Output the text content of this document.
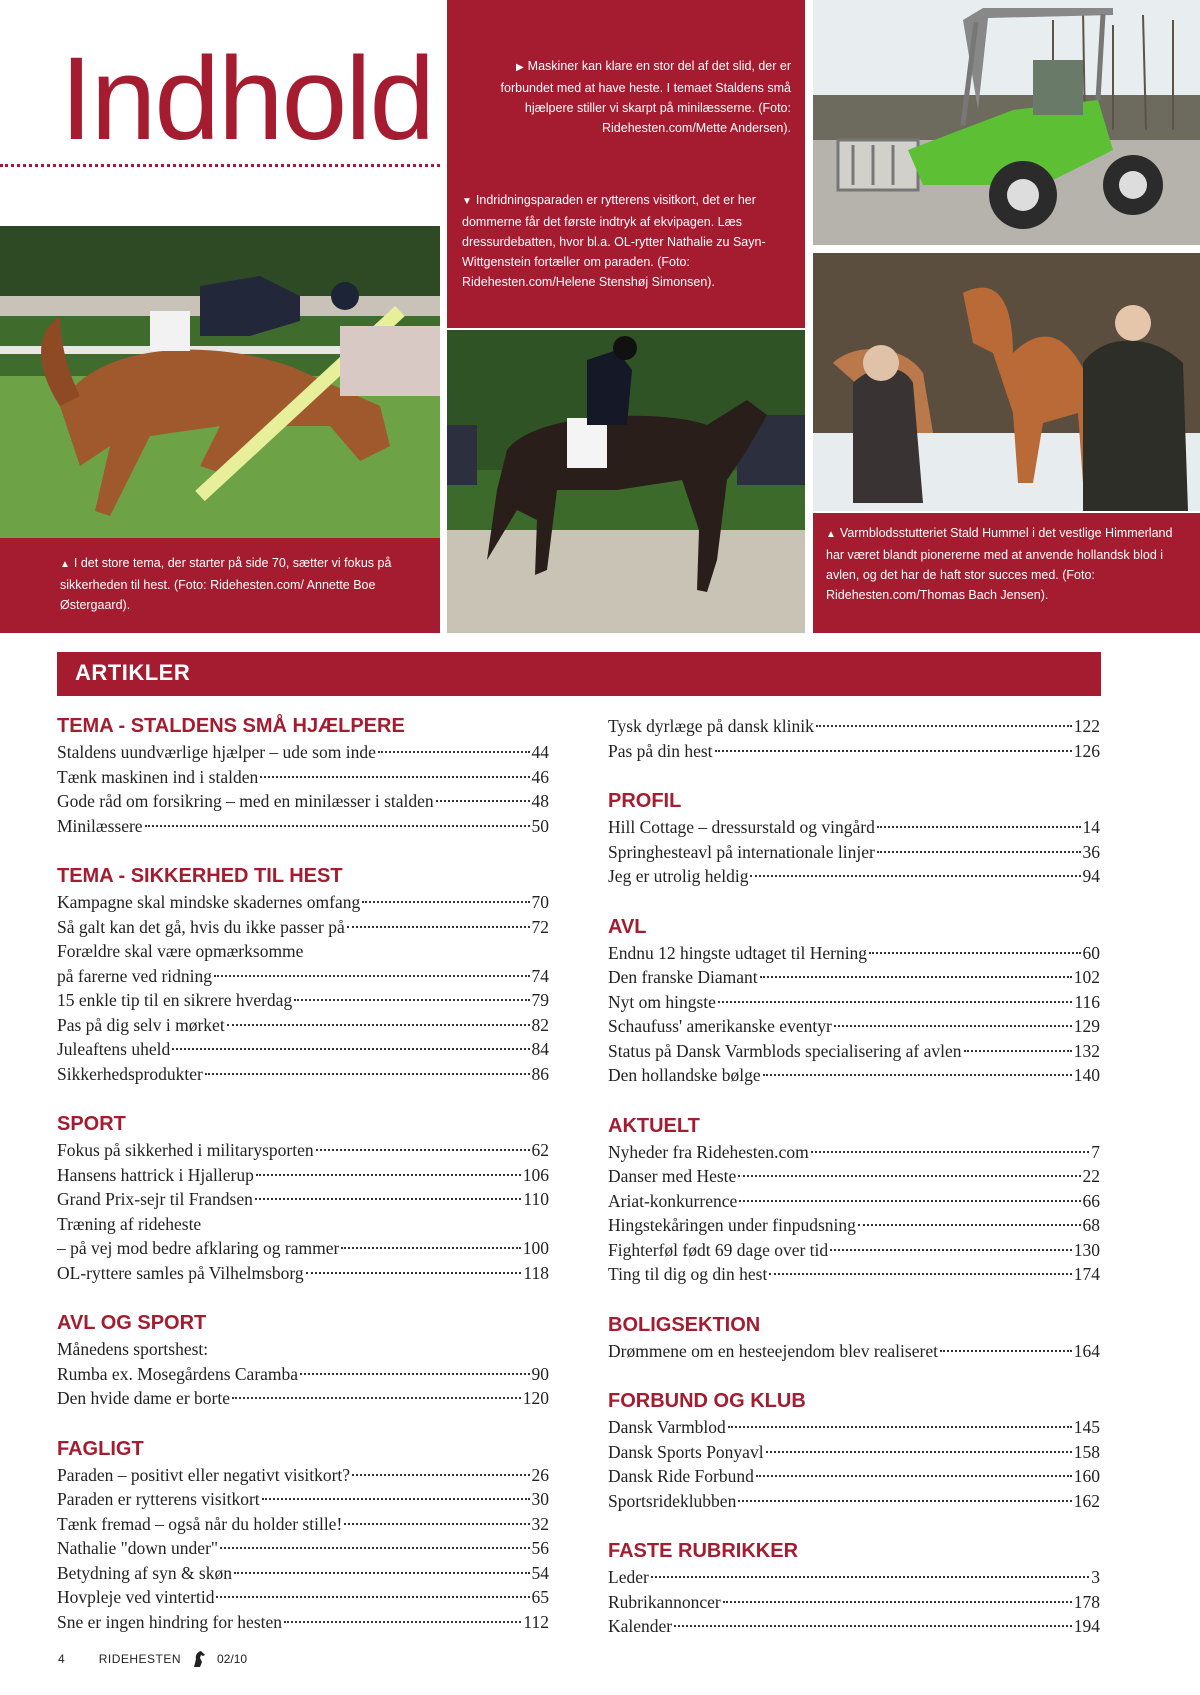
Indhold	▶ Maskiner kan klare en stor del af det slid, der er forbundet med at have heste. I temaet Staldens små hjælpere stiller vi skarpt på minilæsserne. (Foto: Ridehesten.com/Mette Andersen).
▼ Indridningsparaden er rytterens visitkort, det er her dommerne får det første indtryk af ekvipagen. Læs dressurdebatten, hvor bl.a. OL-rytter Nathalie zu Sayn-Wittgenstein fortæller om paraden. (Foto: Ridehesten.com/Helene Stenshøj Simonsen).
▲ I det store tema, der starter på side 70, sætter vi fokus på sikkerheden til hest. (Foto: Ridehesten.com/ Annette Boe Østergaard).
▲ Varmblodsstutteriet Stald Hummel i det vestlige Himmerland har været blandt pionererne med at anvende hollandsk blod i avlen, og det har de haft stor succes med. (Foto: Ridehesten.com/Thomas Bach Jensen).
ARTIKLER
TEMA - STALDENS SMÅ HJÆLPERE
Staldens uundværlige hjælper – ude som inde	44
Tænk maskinen ind i stalden	46
Gode råd om forsikring – med en minilæsser i stalden	48
Minilæssere	50
TEMA - SIKKERHED TIL HEST
Kampagne skal mindske skadernes omfang	70
Så galt kan det gå, hvis du ikke passer på	72
Forældre skal være opmærksomme
på farerne ved ridning	74
15 enkle tip til en sikrere hverdag	79
Pas på dig selv i mørket	82
Juleaftens uheld	84
Sikkerhedsprodukter	86
SPORT
Fokus på sikkerhed i militarysporten	62
Hansens hattrick i Hjallerup	106
Grand Prix-sejr til Frandsen	110
Træning af rideheste
– på vej mod bedre afklaring og rammer	100
OL-ryttere samles på Vilhelmsborg	118
AVL OG SPORT
Månedens sportshest:
Rumba ex. Mosegårdens Caramba	90
Den hvide dame er borte	120
FAGLIGT
Paraden – positivt eller negativt visitkort?	26
Paraden er rytterens visitkort	30
Tænk fremad – også når du holder stille!	32
Nathalie "down under"	56
Betydning af syn & skøn	54
Hovpleje ved vintertid	65
Sne er ingen hindring for hesten	112
Tysk dyrlæge på dansk klinik	122
Pas på din hest	126
PROFIL
Hill Cottage – dressurstald og vingård	14
Springhesteavl på internationale linjer	36
Jeg er utrolig heldig	94
AVL
Endnu 12 hingste udtaget til Herning	60
Den franske Diamant	102
Nyt om hingste	116
Schaufuss' amerikanske eventyr	129
Status på Dansk Varmblods specialisering af avlen	132
Den hollandske bølge	140
AKTUELT
Nyheder fra Ridehesten.com	7
Danser med Heste	22
Ariat-konkurrence	66
Hingstekåringen under finpudsning	68
Fighterføl født 69 dage over tid	130
Ting til dig og din hest	174
BOLIGSEKTION
Drømmene om en hesteejendom blev realiseret	164
FORBUND OG KLUB
Dansk Varmblod	145
Dansk Sports Ponyavl	158
Dansk Ride Forbund	160
Sportsrideklubben	162
FASTE RUBRIKKER
Leder	3
Rubrikannoncer	178
Kalender	194
4	RIDEHESTEN	02/10
